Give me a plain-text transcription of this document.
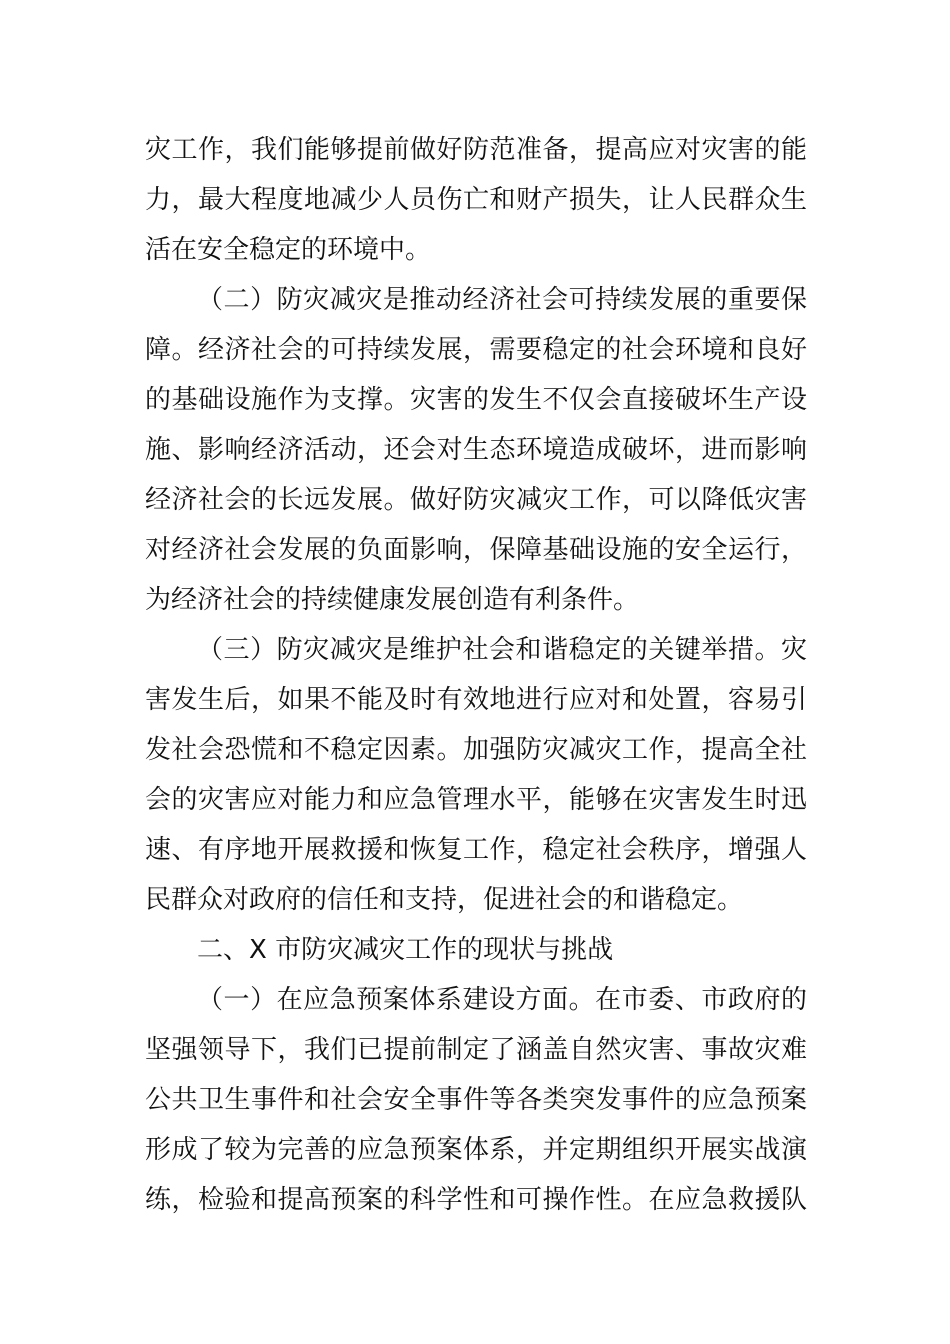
灾工作，我们能够提前做好防范准备，提高应对灾害的能
力，最大程度地减少人员伤亡和财产损失，让人民群众生
活在安全稳定的环境中。
（二）防灾减灾是推动经济社会可持续发展的重要保
障。经济社会的可持续发展，需要稳定的社会环境和良好
的基础设施作为支撑。灾害的发生不仅会直接破坏生产设
施、影响经济活动，还会对生态环境造成破坏，进而影响
经济社会的长远发展。做好防灾减灾工作，可以降低灾害
对经济社会发展的负面影响，保障基础设施的安全运行，
为经济社会的持续健康发展创造有利条件。
（三）防灾减灾是维护社会和谐稳定的关键举措。灾
害发生后，如果不能及时有效地进行应对和处置，容易引
发社会恐慌和不稳定因素。加强防灾减灾工作，提高全社
会的灾害应对能力和应急管理水平，能够在灾害发生时迅
速、有序地开展救援和恢复工作，稳定社会秩序，增强人
民群众对政府的信任和支持，促进社会的和谐稳定。
二、X 市防灾减灾工作的现状与挑战
（一）在应急预案体系建设方面。在市委、市政府的
坚强领导下，我们已提前制定了涵盖自然灾害、事故灾难
公共卫生事件和社会安全事件等各类突发事件的应急预案
形成了较为完善的应急预案体系，并定期组织开展实战演
练，检验和提高预案的科学性和可操作性。在应急救援队
